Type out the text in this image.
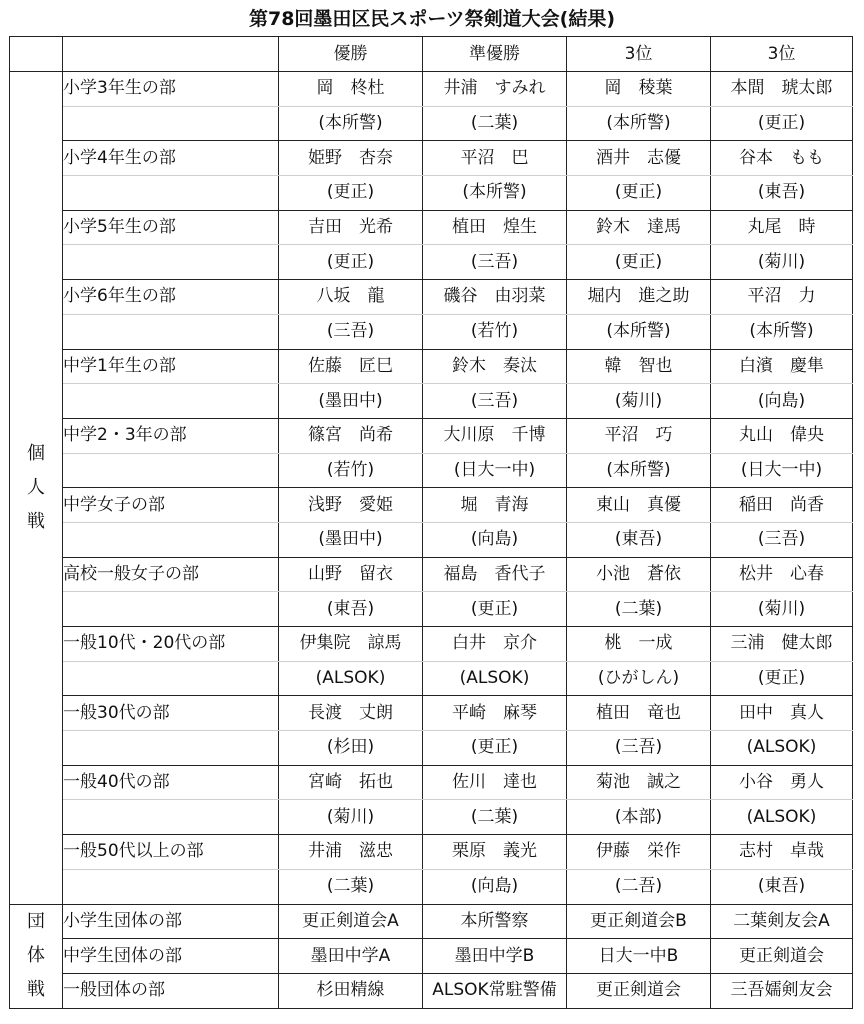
第78回墨田区民スポーツ祭剣道大会(結果)
		優勝	準優勝	3位	3位

個
人
戦	小学3年生の部	岡　柊杜	井浦　すみれ	岡　稜葉	本間　琥太郎
		(本所警)	(二葉)	(本所警)	(更正)
	小学4年生の部	姫野　杏奈	平沼　巴	酒井　志優	谷本　もも
		(更正)	(本所警)	(更正)	(東吾)
	小学5年生の部	吉田　光希	植田　煌生	鈴木　達馬	丸尾　時
		(更正)	(三吾)	(更正)	(菊川)
	小学6年生の部	八坂　龍	磯谷　由羽菜	堀内　進之助	平沼　力
		(三吾)	(若竹)	(本所警)	(本所警)
	中学1年生の部	佐藤　匠巳	鈴木　奏汰	韓　智也	白濱　慶隼
		(墨田中)	(三吾)	(菊川)	(向島)
	中学2・3年の部	篠宮　尚希	大川原　千博	平沼　巧	丸山　偉央
		(若竹)	(日大一中)	(本所警)	(日大一中)
	中学女子の部	浅野　愛姫	堀　青海	東山　真優	稲田　尚香
		(墨田中)	(向島)	(東吾)	(三吾)
	高校一般女子の部	山野　留衣	福島　香代子	小池　蒼依	松井　心春
		(東吾)	(更正)	(二葉)	(菊川)
	一般10代・20代の部	伊集院　諒馬	白井　京介	桃　一成	三浦　健太郎
		(ALSOK)	(ALSOK)	(ひがしん)	(更正)
	一般30代の部	長渡　丈朗	平崎　麻琴	植田　竜也	田中　真人
		(杉田)	(更正)	(三吾)	(ALSOK)
	一般40代の部	宮崎　拓也	佐川　達也	菊池　誠之	小谷　勇人
		(菊川)	(二葉)	(本部)	(ALSOK)
	一般50代以上の部	井浦　滋忠	栗原　義光	伊藤　栄作	志村　卓哉
		(二葉)	(向島)	(二吾)	(東吾)

団
体
戦	小学生団体の部	更正剣道会A	本所警察	更正剣道会B	二葉剣友会A
	中学生団体の部	墨田中学A	墨田中学B	日大一中B	更正剣道会
	一般団体の部	杉田精線	ALSOK常駐警備	更正剣道会	三吾嬬剣友会
